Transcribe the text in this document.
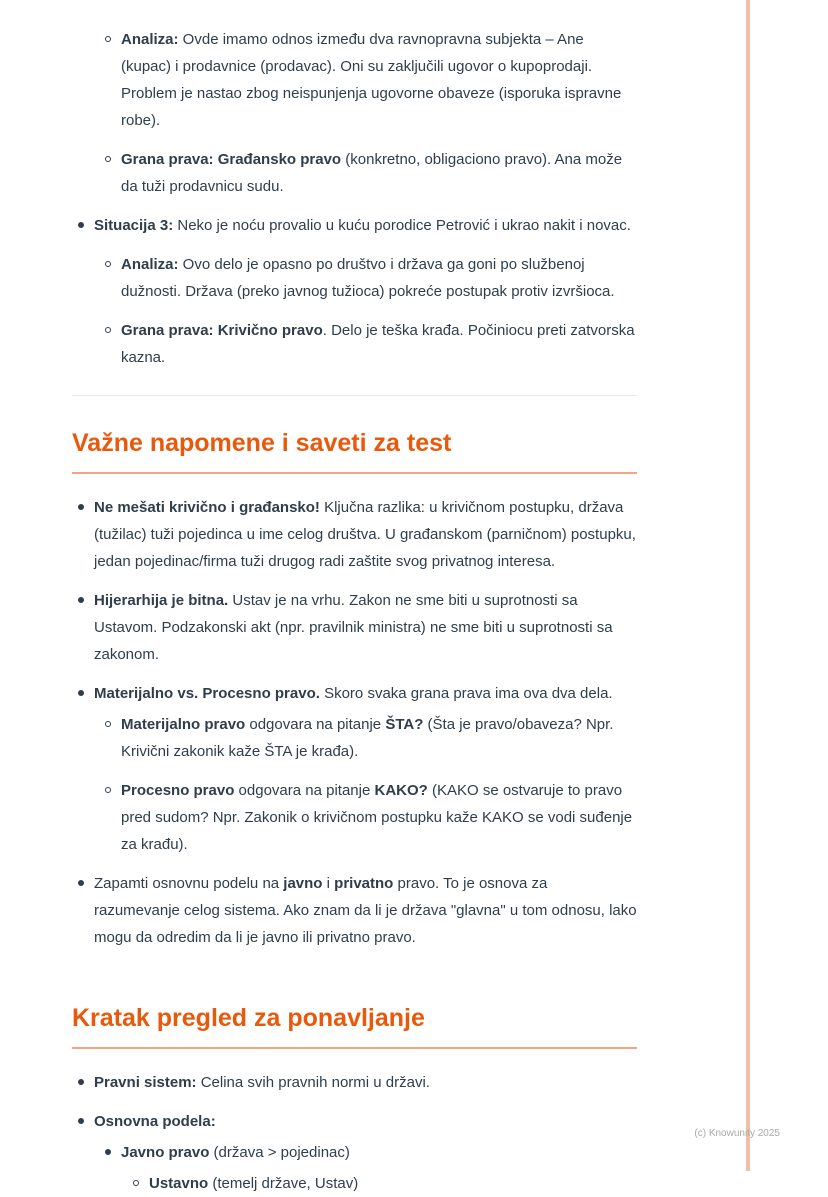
Analiza: Ovde imamo odnos između dva ravnopravna subjekta – Ane (kupac) i prodavnice (prodavac). Oni su zaključili ugovor o kupoprodaji. Problem je nastao zbog neispunjenja ugovorne obaveze (isporuka ispravne robe).
Grana prava: Građansko pravo (konkretno, obligaciono pravo). Ana može da tuži prodavnicu sudu.
Situacija 3: Neko je noću provalio u kuću porodice Petrović i ukrao nakit i novac.
Analiza: Ovo delo je opasno po društvo i država ga goni po službenoj dužnosti. Država (preko javnog tužioca) pokreće postupak protiv izvršioca.
Grana prava: Krivično pravo. Delo je teška krađa. Počiniocu preti zatvorska kazna.
Važne napomene i saveti za test
Ne mešati krivično i građansko! Ključna razlika: u krivičnom postupku, država (tužilac) tuži pojedinca u ime celog društva. U građanskom (parničnom) postupku, jedan pojedinac/firma tuži drugog radi zaštite svog privatnog interesa.
Hijerarhija je bitna. Ustav je na vrhu. Zakon ne sme biti u suprotnosti sa Ustavom. Podzakonski akt (npr. pravilnik ministra) ne sme biti u suprotnosti sa zakonom.
Materijalno vs. Procesno pravo. Skoro svaka grana prava ima ova dva dela.
Materijalno pravo odgovara na pitanje ŠTA? (Šta je pravo/obaveza? Npr. Krivični zakonik kaže ŠTA je krađa).
Procesno pravo odgovara na pitanje KAKO? (KAKO se ostvaruje to pravo pred sudom? Npr. Zakonik o krivičnom postupku kaže KAKO se vodi suđenje za krađu).
Zapamti osnovnu podelu na javno i privatno pravo. To je osnova za razumevanje celog sistema. Ako znam da li je država "glavna" u tom odnosu, lako mogu da odredim da li je javno ili privatno pravo.
Kratak pregled za ponavljanje
Pravni sistem: Celina svih pravnih normi u državi.
Osnovna podela:
Javno pravo (država > pojedinac)
Ustavno (temelj države, Ustav)
(c) Knowunity 2025
